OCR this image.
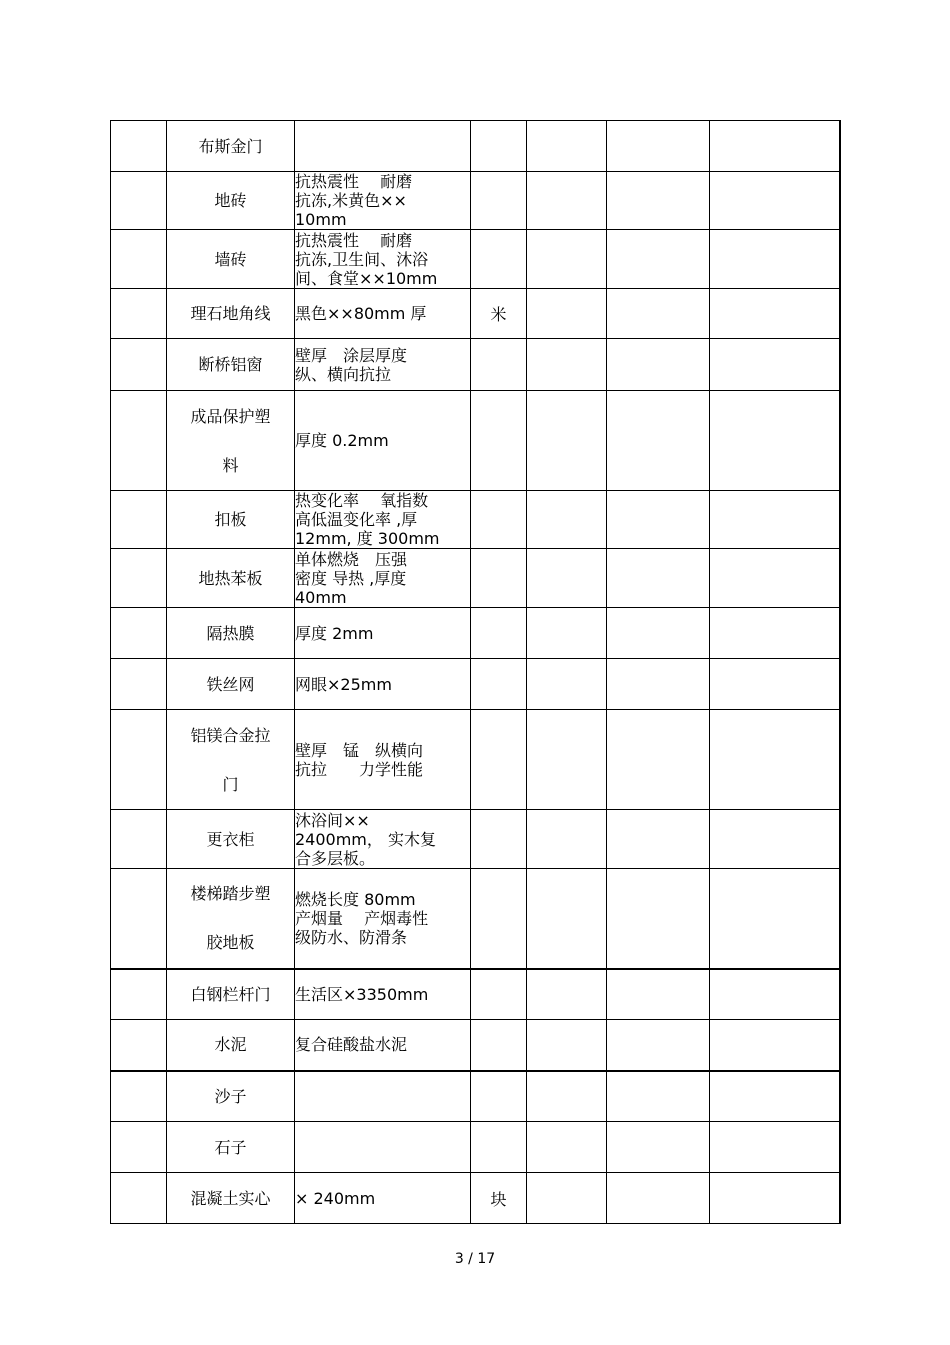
	布斯金门	

	地砖	抗热震性　 耐磨
抗冻,米黄色××
10mm				

	墙砖	抗热震性　 耐磨
抗冻,卫生间、沐浴
间、食堂××10mm				

	理石地角线	黑色××80mm 厚	米			
	断桥铝窗	壁厚　涂层厚度
纵、横向抗拉				

	成品保护塑
料	厚度 0.2mm				

	扣板	热变化率　 氧指数
高低温变化率 ,厚
12mm, 度 300mm				

	地热苯板	单体燃烧　压强
密度 导热 ,厚度
40mm				

	隔热膜	厚度 2mm				

	铁丝网	网眼×25mm				

	铝镁合金拉
门	壁厚　锰　纵横向
抗拉　　力学性能				

	更衣柜	沐浴间××
2400mm， 实木复
合多层板。				

	楼梯踏步塑
胶地板	燃烧长度 80mm
产烟量　 产烟毒性
级防水、防滑条				

	白钢栏杆门	生活区×3350mm				

	水泥	复合硅酸盐水泥				

	沙子	

	石子	

	混凝土实心	× 240mm	块			
3 / 17
